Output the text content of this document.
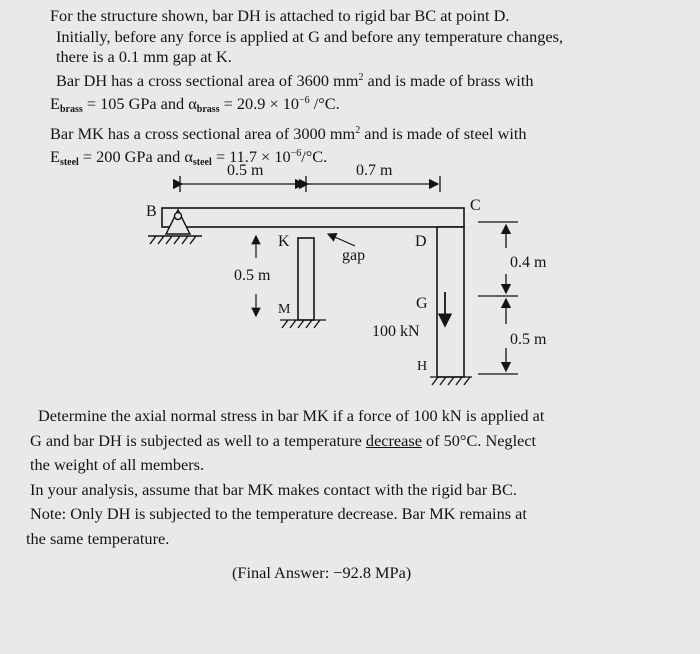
For the structure shown, bar DH is attached to rigid bar BC at point D.

Initially, before any force is applied at G and before any temperature changes,

there is a 0.1 mm gap at K.

Bar DH has a cross sectional area of 3600 $mm^2$ and is made of brass with

$E_{brass} = 105$ GPa and $\alpha_{brass} = 20.9 \times 10^{-6}$ /°C.

Bar MK has a cross sectional area of 3000 $mm^2$ and is made of steel with

$E_{steel} = 200$ GPa and $\alpha_{steel} = 11.7 \times 10^{-6}/^\circ C$.

0.5 m	0.7 m
B	C
K
M
gap
0.5 m
D
G
H
100 kN
0.4 m
0.5 m

Determine the axial normal stress in bar MK if a force of 100 kN is applied at

G and bar DH is subjected as well to a temperature decrease of 50°C. Neglect

the weight of all members.

In your analysis, assume that bar MK makes contact with the rigid bar BC.

Note: Only DH is subjected to the temperature decrease. Bar MK remains at

the same temperature.

(Final Answer: −92.8 MPa)
